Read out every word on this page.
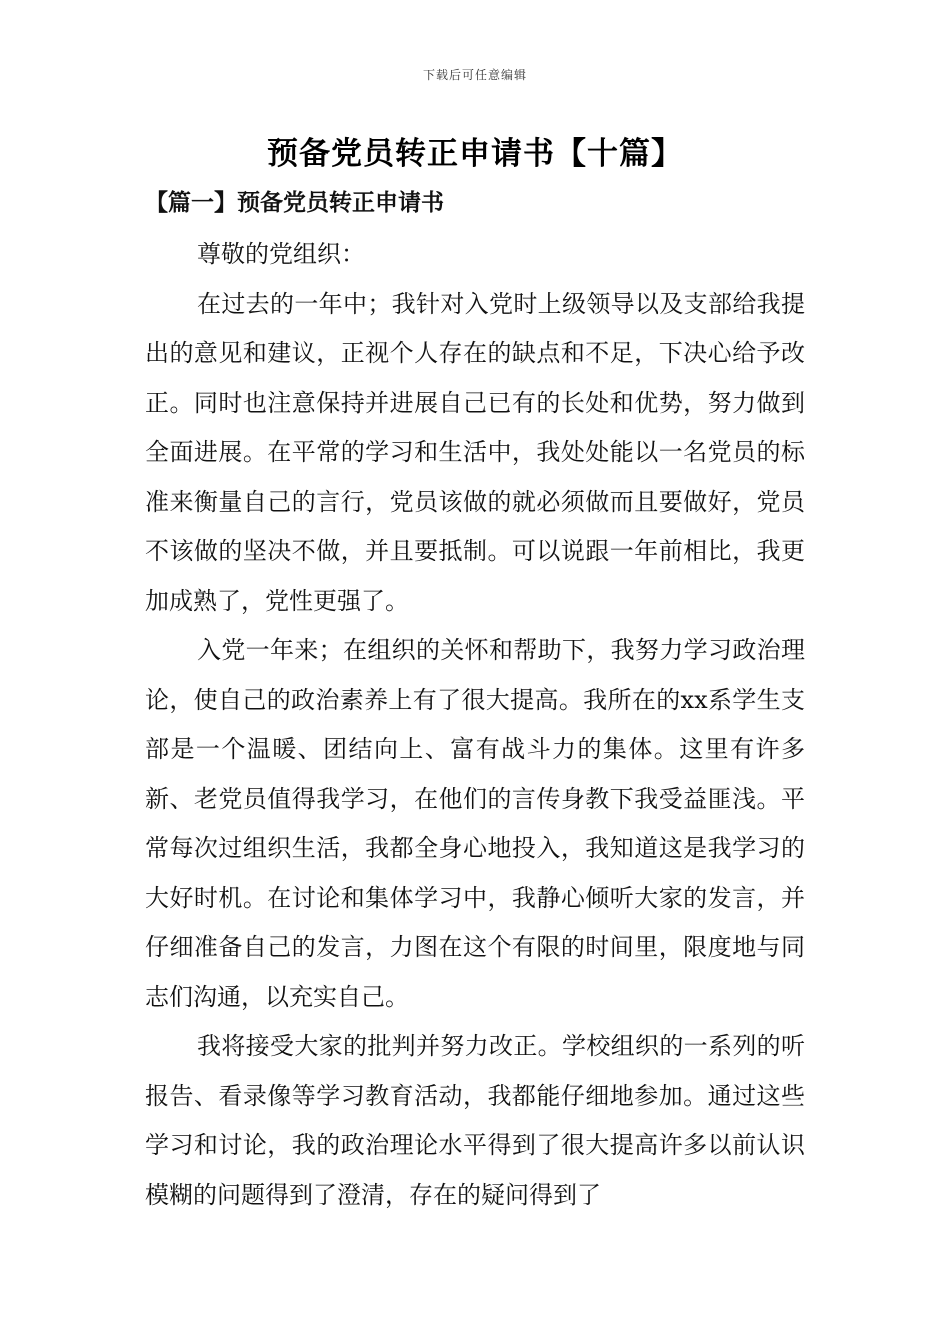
下载后可任意编辑
预备党员转正申请书【十篇】
【篇一】预备党员转正申请书

尊敬的党组织：

在过去的一年中；我针对入党时上级领导以及支部给我提出的意见和建议，正视个人存在的缺点和不足，下决心给予改正。同时也注意保持并进展自己已有的长处和优势，努力做到全面进展。在平常的学习和生活中，我处处能以一名党员的标准来衡量自己的言行，党员该做的就必须做而且要做好，党员不该做的坚决不做，并且要抵制。可以说跟一年前相比，我更加成熟了，党性更强了。

入党一年来；在组织的关怀和帮助下，我努力学习政治理论，使自己的政治素养上有了很大提高。我所在的xx系学生支部是一个温暖、团结向上、富有战斗力的集体。这里有许多新、老党员值得我学习，在他们的言传身教下我受益匪浅。平常每次过组织生活，我都全身心地投入，我知道这是我学习的大好时机。在讨论和集体学习中，我静心倾听大家的发言，并仔细准备自己的发言，力图在这个有限的时间里，限度地与同志们沟通，以充实自己。

我将接受大家的批判并努力改正。学校组织的一系列的听报告、看录像等学习教育活动，我都能仔细地参加。通过这些学习和讨论，我的政治理论水平得到了很大提高许多以前认识模糊的问题得到了澄清，存在的疑问得到了
